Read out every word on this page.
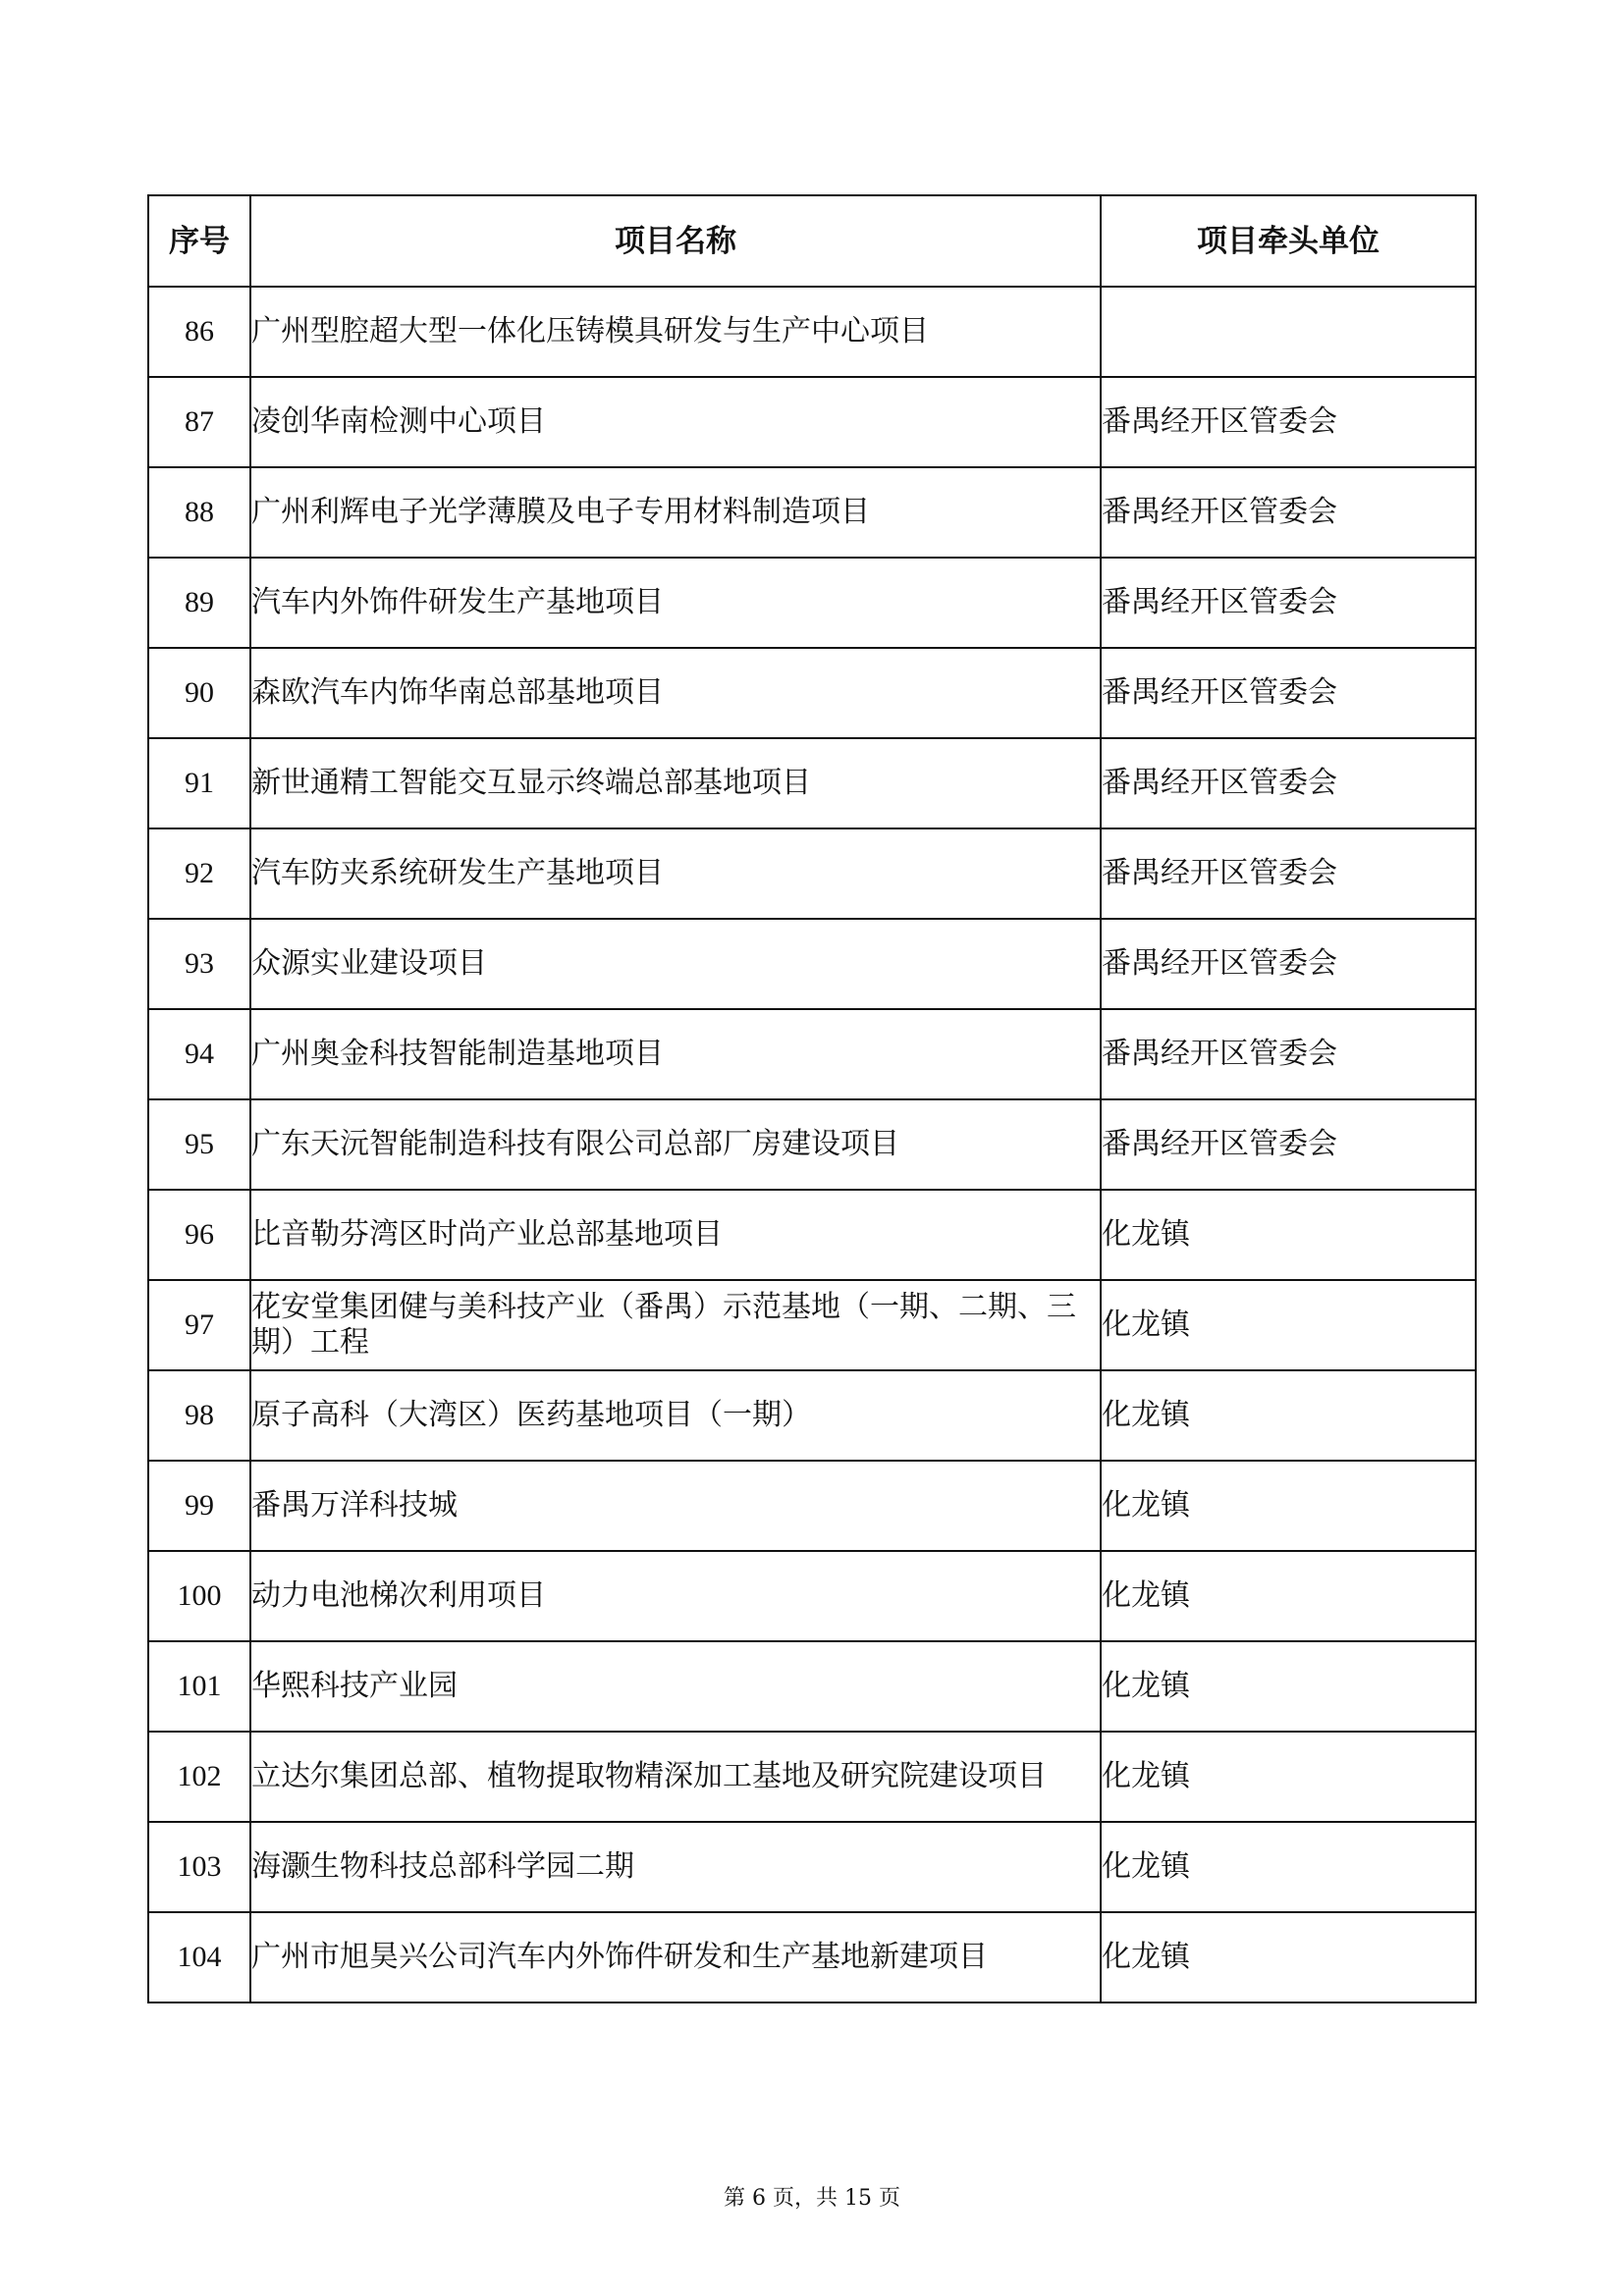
序号	项目名称	项目牵头单位
86	广州型腔超大型一体化压铸模具研发与生产中心项目	
87	凌创华南检测中心项目	番禺经开区管委会
88	广州利辉电子光学薄膜及电子专用材料制造项目	番禺经开区管委会
89	汽车内外饰件研发生产基地项目	番禺经开区管委会
90	森欧汽车内饰华南总部基地项目	番禺经开区管委会
91	新世通精工智能交互显示终端总部基地项目	番禺经开区管委会
92	汽车防夹系统研发生产基地项目	番禺经开区管委会
93	众源实业建设项目	番禺经开区管委会
94	广州奥金科技智能制造基地项目	番禺经开区管委会
95	广东天沅智能制造科技有限公司总部厂房建设项目	番禺经开区管委会
96	比音勒芬湾区时尚产业总部基地项目	化龙镇
97	花安堂集团健与美科技产业（番禺）示范基地（一期、二期、三期）工程	化龙镇
98	原子高科（大湾区）医药基地项目（一期）	化龙镇
99	番禺万洋科技城	化龙镇
100	动力电池梯次利用项目	化龙镇
101	华熙科技产业园	化龙镇
102	立达尔集团总部、植物提取物精深加工基地及研究院建设项目	化龙镇
103	海灏生物科技总部科学园二期	化龙镇
104	广州市旭昊兴公司汽车内外饰件研发和生产基地新建项目	化龙镇
第 6 页，共 15 页
